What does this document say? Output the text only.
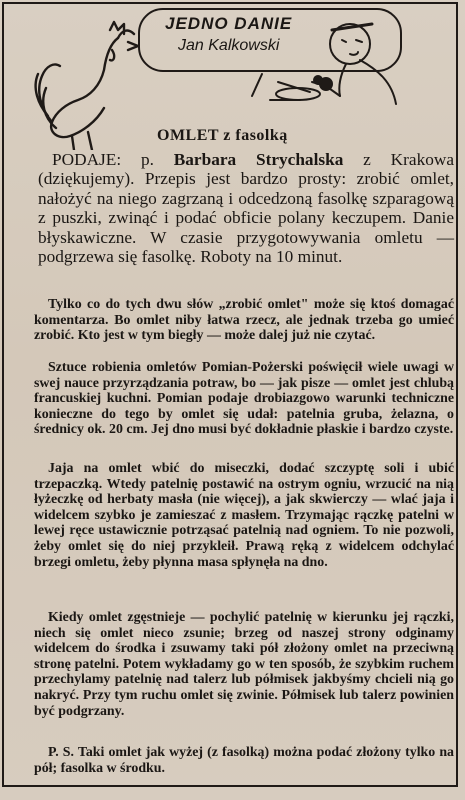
JEDNO DANIE
Jan Kalkowski
OMLET z fasolką
PODAJE: p. Barbara Strychalska z Krakowa (dziękujemy). Przepis jest bardzo prosty: zrobić omlet, nałożyć na niego zagrzaną i odcedzoną fasolkę szparagową z puszki, zwinąć i podać obficie polany keczupem. Danie błyskawiczne. W czasie przygotowywania omletu — podgrzewa się fasolkę. Roboty na 10 minut.
Tylko co do tych dwu słów „zrobić omlet" może się ktoś domagać komentarza. Bo omlet niby łatwa rzecz, ale jednak trzeba go umieć zrobić. Kto jest w tym biegły — może dalej już nie czytać.
Sztuce robienia omletów Pomian-Pożerski poświęcił wiele uwagi w swej nauce przyrządzania potraw, bo — jak pisze — omlet jest chlubą francuskiej kuchni. Pomian podaje drobiazgowo warunki techniczne konieczne do tego by omlet się udał: patelnia gruba, żelazna, o średnicy ok. 20 cm. Jej dno musi być dokładnie płaskie i bardzo czyste.
Jaja na omlet wbić do miseczki, dodać szczyptę soli i ubić trzepaczką. Wtedy patelnię postawić na ostrym ogniu, wrzucić na nią łyżeczkę od herbaty masła (nie więcej), a jak skwierczy — wlać jaja i widelcem szybko je zamieszać z masłem. Trzymając rączkę patelni w lewej ręce ustawicznie potrząsać patelnią nad ogniem. To nie pozwoli, żeby omlet się do niej przykleił. Prawą ręką z widelcem odchylać brzegi omletu, żeby płynna masa spłynęła na dno.
Kiedy omlet zgęstnieje — pochylić patelnię w kierunku jej rączki, niech się omlet nieco zsunie; brzeg od naszej strony odginamy widelcem do środka i zsuwamy taki pół złożony omlet na przeciwną stronę patelni. Potem wykładamy go w ten sposób, że szybkim ruchem przechylamy patelnię nad talerz lub półmisek jakbyśmy chcieli nią go nakryć. Przy tym ruchu omlet się zwinie. Półmisek lub talerz powinien być podgrzany.
P. S. Taki omlet jak wyżej (z fasolką) można podać złożony tylko na pół; fasolka w środku.
